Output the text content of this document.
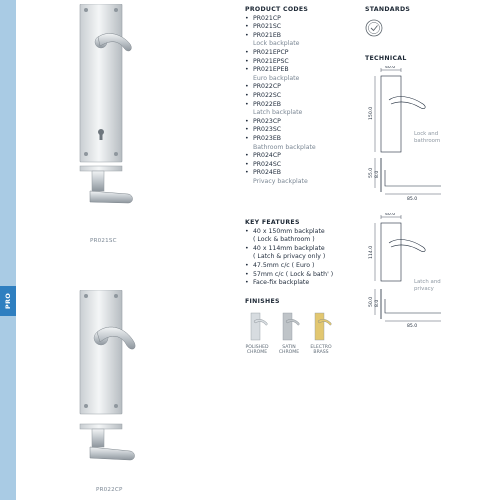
PRO
PR021SC
PR022CP
PRODUCT CODES
• PR021CP
• PR021SC
• PR021EB
Lock backplate
• PR021EPCP
• PR021EPSC
• PR021EPEB
Euro backplate
• PR022CP
• PR022SC
• PR022EB
Latch backplate
• PR023CP
• PR023SC
• PR023EB
Bathroom backplate
• PR024CP
• PR024SC
• PR024EB
Privacy backplate
KEY FEATURES
• 40 x 150mm backplate
( Lock & bathroom )
• 40 x 114mm backplate
( Latch & privacy only )
• 47.5mm c/c ( Euro )
• 57mm c/c ( Lock & bath' )
• Face-fix backplate
FINISHES
POLISHED
CHROME
SATIN
CHROME
ELECTRO
BRASS
STANDARDS
TECHNICAL
40.0
150.0
55.0 8.0
85.0
Lock and
bathroom
40.0
114.0
50.0 8.0
85.0
Latch and
privacy
